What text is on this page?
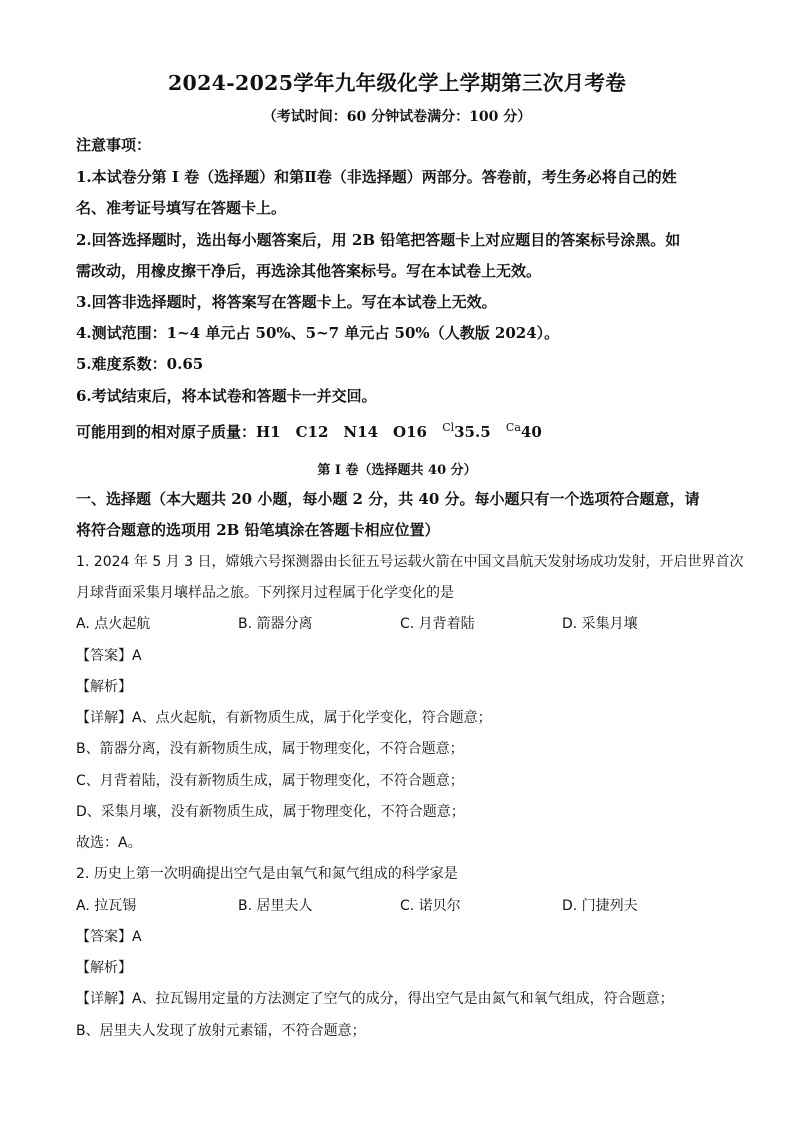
2024-2025学年九年级化学上学期第三次月考卷
（考试时间：60 分钟试卷满分：100 分）
注意事项：
1.本试卷分第 I 卷（选择题）和第Ⅱ卷（非选择题）两部分。答卷前，考生务必将自己的姓
名、准考证号填写在答题卡上。
2.回答选择题时，选出每小题答案后，用 2B 铅笔把答题卡上对应题目的答案标号涂黑。如
需改动，用橡皮擦干净后，再选涂其他答案标号。写在本试卷上无效。
3.回答非选择题时，将答案写在答题卡上。写在本试卷上无效。
4.测试范围：1~4 单元占 50%、5~7 单元占 50%（人教版 2024）。
5.难度系数：0.65
6.考试结束后，将本试卷和答题卡一并交回。
可能用到的相对原子质量：H1　C12　N14　O16 $^{Cl}$35.5 $^{Ca}$40
第 I 卷（选择题共 40 分）
一、选择题（本大题共 20 小题，每小题 2 分，共 40 分。每小题只有一个选项符合题意，请
将符合题意的选项用 2B 铅笔填涂在答题卡相应位置）
1. 2024 年 5 月 3 日，嫦娥六号探测器由长征五号运载火箭在中国文昌航天发射场成功发射，开启世界首次
月球背面采集月壤样品之旅。下列探月过程属于化学变化的是
A. 点火起航	B. 箭器分离	C. 月背着陆	D. 采集月壤
【答案】A
【解析】
【详解】A、点火起航，有新物质生成，属于化学变化，符合题意；
B、箭器分离，没有新物质生成，属于物理变化，不符合题意；
C、月背着陆，没有新物质生成，属于物理变化，不符合题意；
D、采集月壤，没有新物质生成，属于物理变化，不符合题意；
故选：A。
2. 历史上第一次明确提出空气是由氧气和氮气组成的科学家是
A. 拉瓦锡	B. 居里夫人	C. 诺贝尔	D. 门捷列夫
【答案】A
【解析】
【详解】A、拉瓦锡用定量的方法测定了空气的成分，得出空气是由氮气和氧气组成，符合题意；
B、居里夫人发现了放射元素镭，不符合题意；
